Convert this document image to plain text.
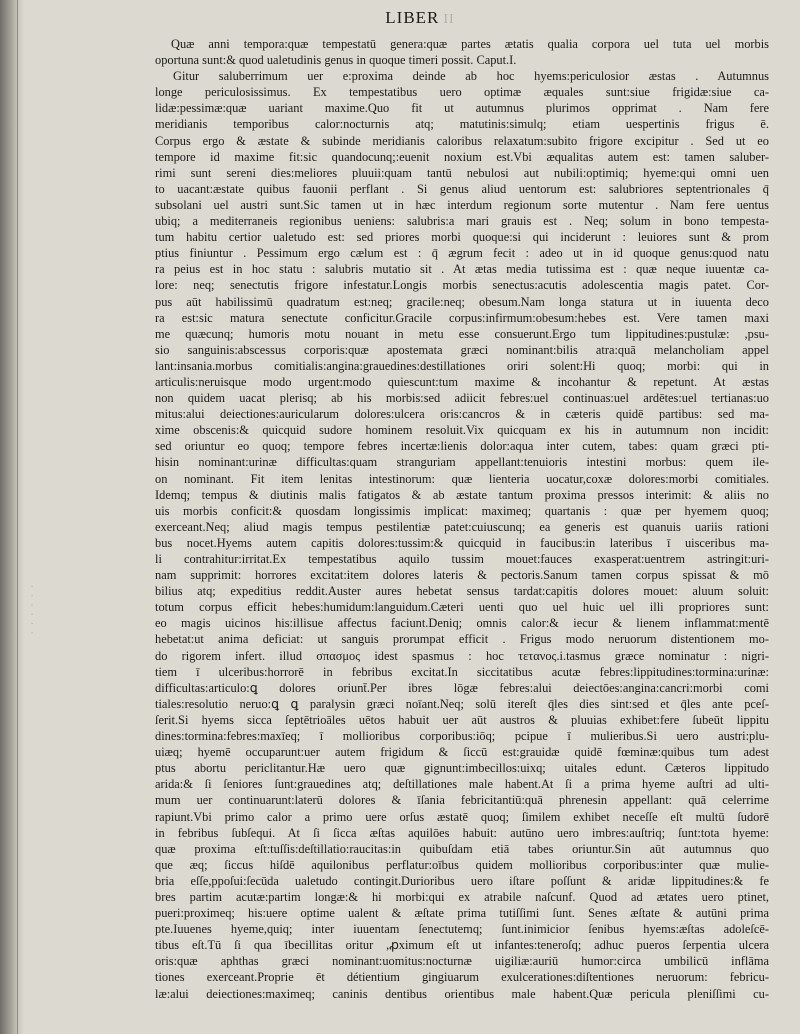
· · · · · ·
LIBER II
Quæ anni tempora:quæ tempestatū genera:quæ partes ætatis qualia corpora uel tuta uel morbis
oportuna sunt:& quod ualetudinis genus in quoque timeri possit. Caput.I.
Gitur saluberrimum uer e:proxima deinde ab hoc hyems:periculosior æstas . Autumnus
longe periculosissimus. Ex tempestatibus uero optimæ æquales sunt:siue frigidæ:siue ca-
lidæ:pessimæ:quæ uariant maxime.Quo fit ut autumnus plurimos opprimat . Nam fere
meridianis temporibus calor:nocturnis atq; matutinis:simulq; etiam uespertinis frigus ē.
Corpus ergo & æstate & subinde meridianis caloribus relaxatum:subito frigore excipitur . Sed ut eo
tempore id maxime fit:sic quandocunq;:euenit noxium est.Vbi æqualitas autem est: tamen saluber-
rimi sunt sereni dies:meliores pluuii:quam tantū nebulosi aut nubili:optimiq; hyeme:qui omni uen
to uacant:æstate quibus fauonii perflant . Si genus aliud uentorum est: salubriores septentrionales q̄
subsolani uel austri sunt.Sic tamen ut in hæc interdum regionum sorte mutentur . Nam fere uentus
ubiq; a mediterraneis regionibus ueniens: salubris:a mari grauis est . Neq; solum in bono tempesta-
tum habitu certior ualetudo est: sed priores morbi quoque:si qui inciderunt : leuiores sunt & prom
ptius finiuntur . Pessimum ergo cælum est : q̄ ægrum fecit : adeo ut in id quoque genus:quod natu
ra peius est in hoc statu : salubris mutatio sit . At ætas media tutissima est : quæ neque iuuentæ ca-
lore: neq; senectutis frigore infestatur.Longis morbis senectus:acutis adolescentia magis patet. Cor-
pus aūt habilissimū quadratum est:neq; gracile:neq; obesum.Nam longa statura ut in iuuenta deco
ra est:sic matura senectute conficitur.Gracile corpus:infirmum:obesum:hebes est. Vere tamen maxi
me quæcunq; humoris motu nouant in metu esse consuerunt.Ergo tum lippitudines:pustulæ: ,psu-
sio sanguinis:abscessus corporis:quæ apostemata græci nominant:bilis atra:quā melancholiam appel
lant:insania.morbus comitialis:angina:grauedines:destillationes oriri solent:Hi quoq; morbi: qui in
articulis:neruisque modo urgent:modo quiescunt:tum maxime & incohantur & repetunt. At æstas
non quidem uacat plerisq; ab his morbis:sed adiicit febres:uel continuas:uel ardētes:uel tertianas:uo
mitus:alui deiectiones:auricularum dolores:ulcera oris:cancros & in cæteris quidē partibus: sed ma-
xime obscenis:& quicquid sudore hominem resoluit.Vix quicquam ex his in autumnum non incidit:
sed oriuntur eo quoq; tempore febres incertæ:lienis dolor:aqua inter cutem, tabes: quam græci pti-
hisin nominant:urinæ difficultas:quam stranguriam appellant:tenuioris intestini morbus: quem ile-
on nominant. Fit item lenitas intestinorum: quæ lienteria uocatur,coxæ dolores:morbi comitiales.
Idemq; tempus & diutinis malis fatigatos & ab æstate tantum proxima pressos interimit: & aliis no
uis morbis conficit:& quosdam longissimis implicat: maximeq; quartanis : quæ per hyemem quoq;
exerceant.Neq; aliud magis tempus pestilentiæ patet:cuiuscunq; ea generis est quanuis uariis rationi
bus nocet.Hyems autem capitis dolores:tussim:& quicquid in faucibus:in lateribus ī uisceribus ma-
li contrahitur:irritat.Ex tempestatibus aquilo tussim mouet:fauces exasperat:uentrem astringit:uri-
nam supprimit: horrores excitat:item dolores lateris & pectoris.Sanum tamen corpus spissat & mō
bilius atq; expeditius reddit.Auster aures hebetat sensus tardat:capitis dolores mouet: aluum soluit:
totum corpus efficit hebes:humidum:languidum.Cæteri uenti quo uel huic uel illi propriores sunt:
eo magis uicinos his:illisue affectus faciunt.Deniq; omnis calor:& iecur & lienem inflammat:mentē
hebetat:ut anima deficiat: ut sanguis prorumpat efficit . Frigus modo neruorum distentionem mo-
do rigorem infert. illud σπασμος idest spasmus : hoc τετανος.i.tasmus græce nominatur : nigri-
tiem ī ulceribus:horrorē in febribus excitat.In siccitatibus acutæ febres:lippitudines:tormina:urinæ:
difficultas:articulo:ꝗ dolores oriunt̄.Per ibres lōgæ febres:alui deiectōes:angina:cancri:morbi comi
tiales:resolutio neruo:ꝗ ꝗ paralysin græci noīant.Neq; solū itereſt q̄les dies sint:sed et q̄les ante pceſ-
ſerit.Si hyems sicca ſeptētrioāles uētos habuit uer aūt austros & pluuias exhibet:fere ſubeūt lippitu
dines:tormina:febres:maxīeq; ī mollioribus corporibus:iōq; pcipue ī mulieribus.Si uero austri:plu-
uiæq; hyemē occuparunt:uer autem frigidum & ſiccū est:grauidæ quidē fœminæ:quibus tum adest
ptus abortu periclitantur.Hæ uero quæ gignunt:imbecillos:uixq; uitales edunt. Cæteros lippitudo
arida:& ſi ſeniores ſunt:grauedines atq; deſtillationes male habent.At ſi a prima hyeme auſtri ad ulti-
mum uer continuarunt:laterū dolores & īſania febricitantiū:quā phrenesin appellant: quā celerrime
rapiunt.Vbi primo calor a primo uere orſus æstatē quoq; ſimilem exhibet neceſſe eſt multū ſudorē
in febribus ſubſequi. At ſi ſicca æſtas aquilōes habuit: autūno uero imbres:auſtriq; ſunt:tota hyeme:
quæ proxima eſt:tuſſis:deſtillatio:raucitas:in quibuſdam etiā tabes oriuntur.Sin aūt autumnus quo
que æq; ſiccus hiſdē aquilonibus perflatur:oībus quidem mollioribus corporibus:inter quæ mulie-
bria eſſe,ppoſui:ſecūda ualetudo contingit.Durioribus uero iſtare poſſunt & aridæ lippitudines:& fe
bres partim acutæ:partim longæ:& hi morbi:qui ex atrabile naſcunf. Quod ad ætates uero ptinet,
pueri:proximeq; his:uere optime ualent & æſtate prima tutiſſimi ſunt. Senes æſtate & autūni prima
pte.Iuuenes hyeme,quiq; inter iuuentam ſenectutemq; ſunt.inimicior ſenibus hyems:æſtas adoleſcē-
tibus eſt.Tū ſi qua ībecillitas oritur ,ꝓximum eſt ut infantes:teneroſq; adhuc pueros ſerpentia ulcera
oris:quæ aphthas græci nominant:uomitus:nocturnæ uigiliæ:auriū humor:circa umbilicū inflāma
tiones exerceant.Proprie ēt détientium gingiuarum exulcerationes:diſtentiones neruorum: febricu-
læ:alui deiectiones:maximeq; caninis dentibus orientibus male habent.Quæ pericula pleniſſimi cu-
